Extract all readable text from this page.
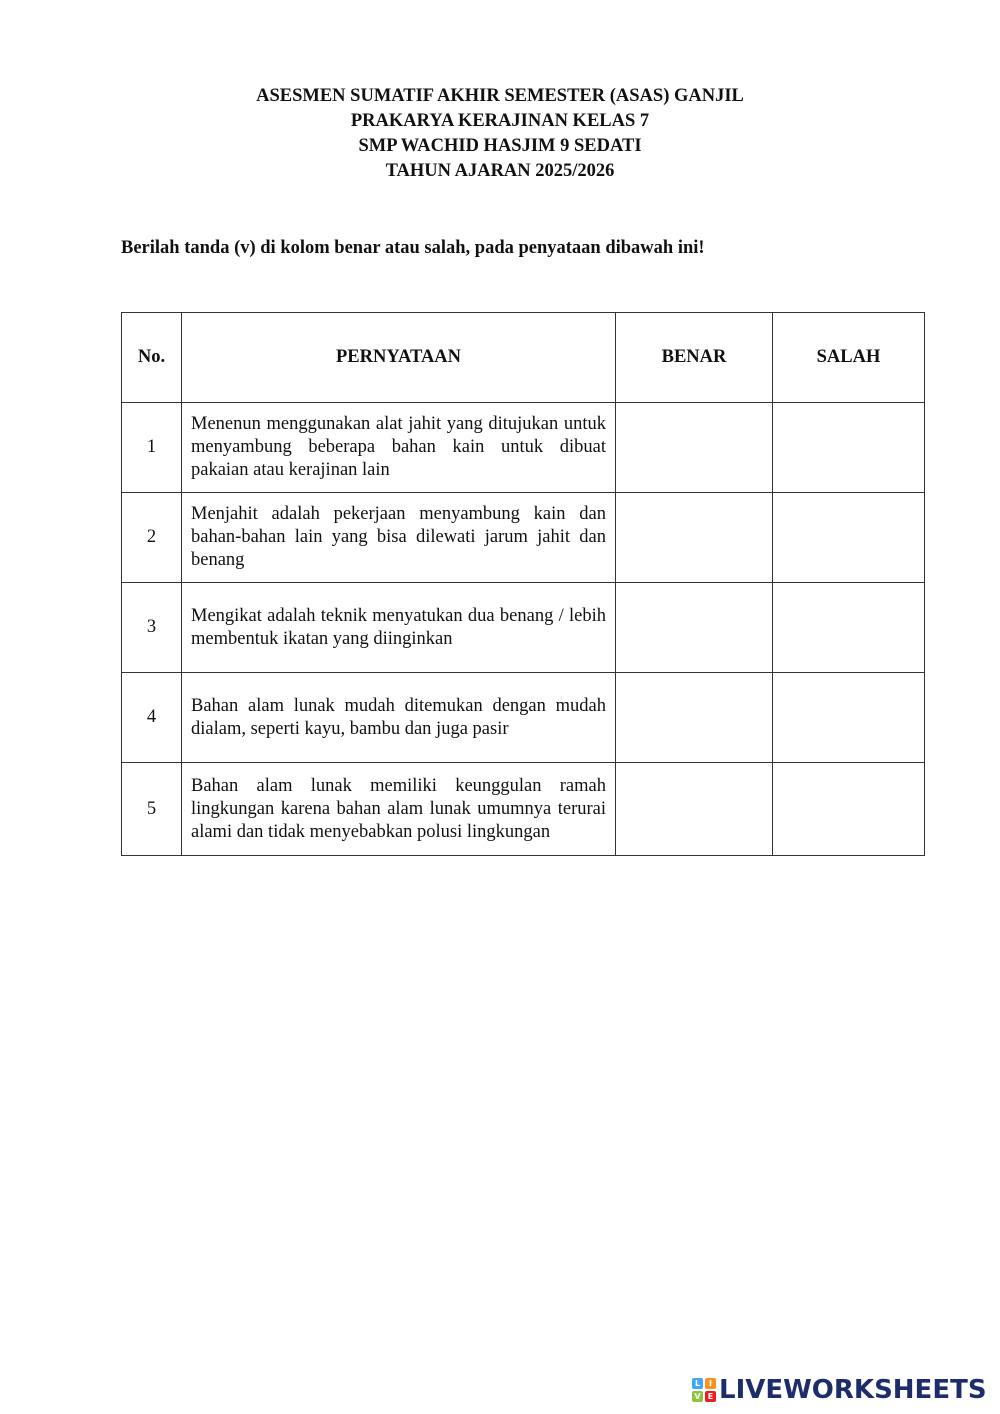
ASESMEN SUMATIF AKHIR SEMESTER (ASAS) GANJIL
PRAKARYA KERAJINAN KELAS 7
SMP WACHID HASJIM 9 SEDATI
TAHUN AJARAN 2025/2026
Berilah tanda (v) di kolom benar atau salah, pada penyataan dibawah ini!
No.	PERNYATAAN	BENAR	SALAH
1	Menenun menggunakan alat jahit yang ditujukan untuk menyambung beberapa bahan kain untuk dibuat pakaian atau kerajinan lain		
2	Menjahit adalah pekerjaan menyambung kain dan bahan-bahan lain yang bisa dilewati jarum jahit dan benang		
3	Mengikat adalah teknik menyatukan dua benang / lebih membentuk ikatan yang diinginkan		
4	Bahan alam lunak mudah ditemukan dengan mudah dialam, seperti kayu, bambu dan juga pasir		
5	Bahan alam lunak memiliki keunggulan ramah lingkungan karena bahan alam lunak umumnya terurai alami dan tidak menyebabkan polusi lingkungan		
L	I
V E LIVEWORKSHEETS
